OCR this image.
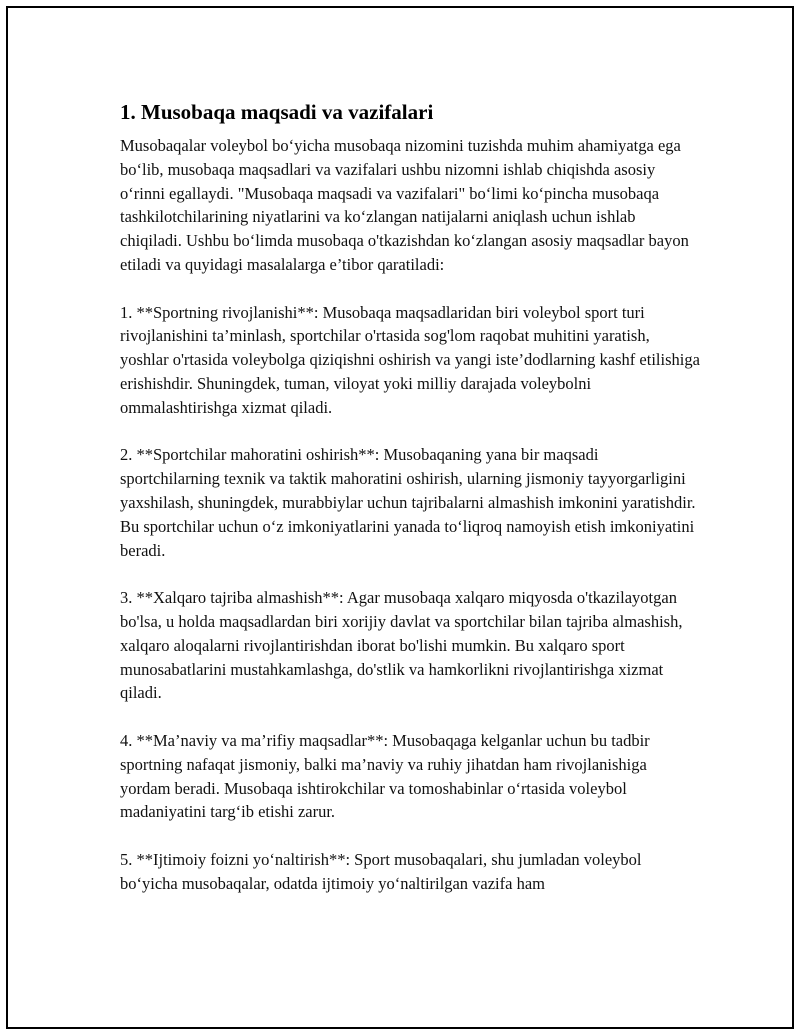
1. Musobaqa maqsadi va vazifalari

Musobaqalar voleybol bo‘yicha musobaqa nizomini tuzishda muhim ahamiyatga ega bo‘lib, musobaqa maqsadlari va vazifalari ushbu nizomni ishlab chiqishda asosiy o‘rinni egallaydi. "Musobaqa maqsadi va vazifalari" bo‘limi ko‘pincha musobaqa tashkilotchilarining niyatlarini va ko‘zlangan natijalarni aniqlash uchun ishlab chiqiladi. Ushbu bo‘limda musobaqa o'tkazishdan ko‘zlangan asosiy maqsadlar bayon etiladi va quyidagi masalalarga e’tibor qaratiladi:

1. **Sportning rivojlanishi**: Musobaqa maqsadlaridan biri voleybol sport turi rivojlanishini ta’minlash, sportchilar o'rtasida sog'lom raqobat muhitini yaratish, yoshlar o'rtasida voleybolga qiziqishni oshirish va yangi iste’dodlarning kashf etilishiga erishishdir. Shuningdek, tuman, viloyat yoki milliy darajada voleybolni ommalashtirishga xizmat qiladi.

2. **Sportchilar mahoratini oshirish**: Musobaqaning yana bir maqsadi sportchilarning texnik va taktik mahoratini oshirish, ularning jismoniy tayyorgarligini yaxshilash, shuningdek, murabbiylar uchun tajribalarni almashish imkonini yaratishdir. Bu sportchilar uchun o‘z imkoniyatlarini yanada to‘liqroq namoyish etish imkoniyatini beradi.

3. **Xalqaro tajriba almashish**: Agar musobaqa xalqaro miqyosda o'tkazilayotgan bo'lsa, u holda maqsadlardan biri xorijiy davlat va sportchilar bilan tajriba almashish, xalqaro aloqalarni rivojlantirishdan iborat bo'lishi mumkin. Bu xalqaro sport munosabatlarini mustahkamlashga, do'stlik va hamkorlikni rivojlantirishga xizmat qiladi.

4. **Ma’naviy va ma’rifiy maqsadlar**: Musobaqaga kelganlar uchun bu tadbir sportning nafaqat jismoniy, balki ma’naviy va ruhiy jihatdan ham rivojlanishiga yordam beradi. Musobaqa ishtirokchilar va tomoshabinlar o‘rtasida voleybol madaniyatini targ‘ib etishi zarur.

5. **Ijtimoiy foizni yo‘naltirish**: Sport musobaqalari, shu jumladan voleybol bo‘yicha musobaqalar, odatda ijtimoiy yo‘naltirilgan vazifa ham
